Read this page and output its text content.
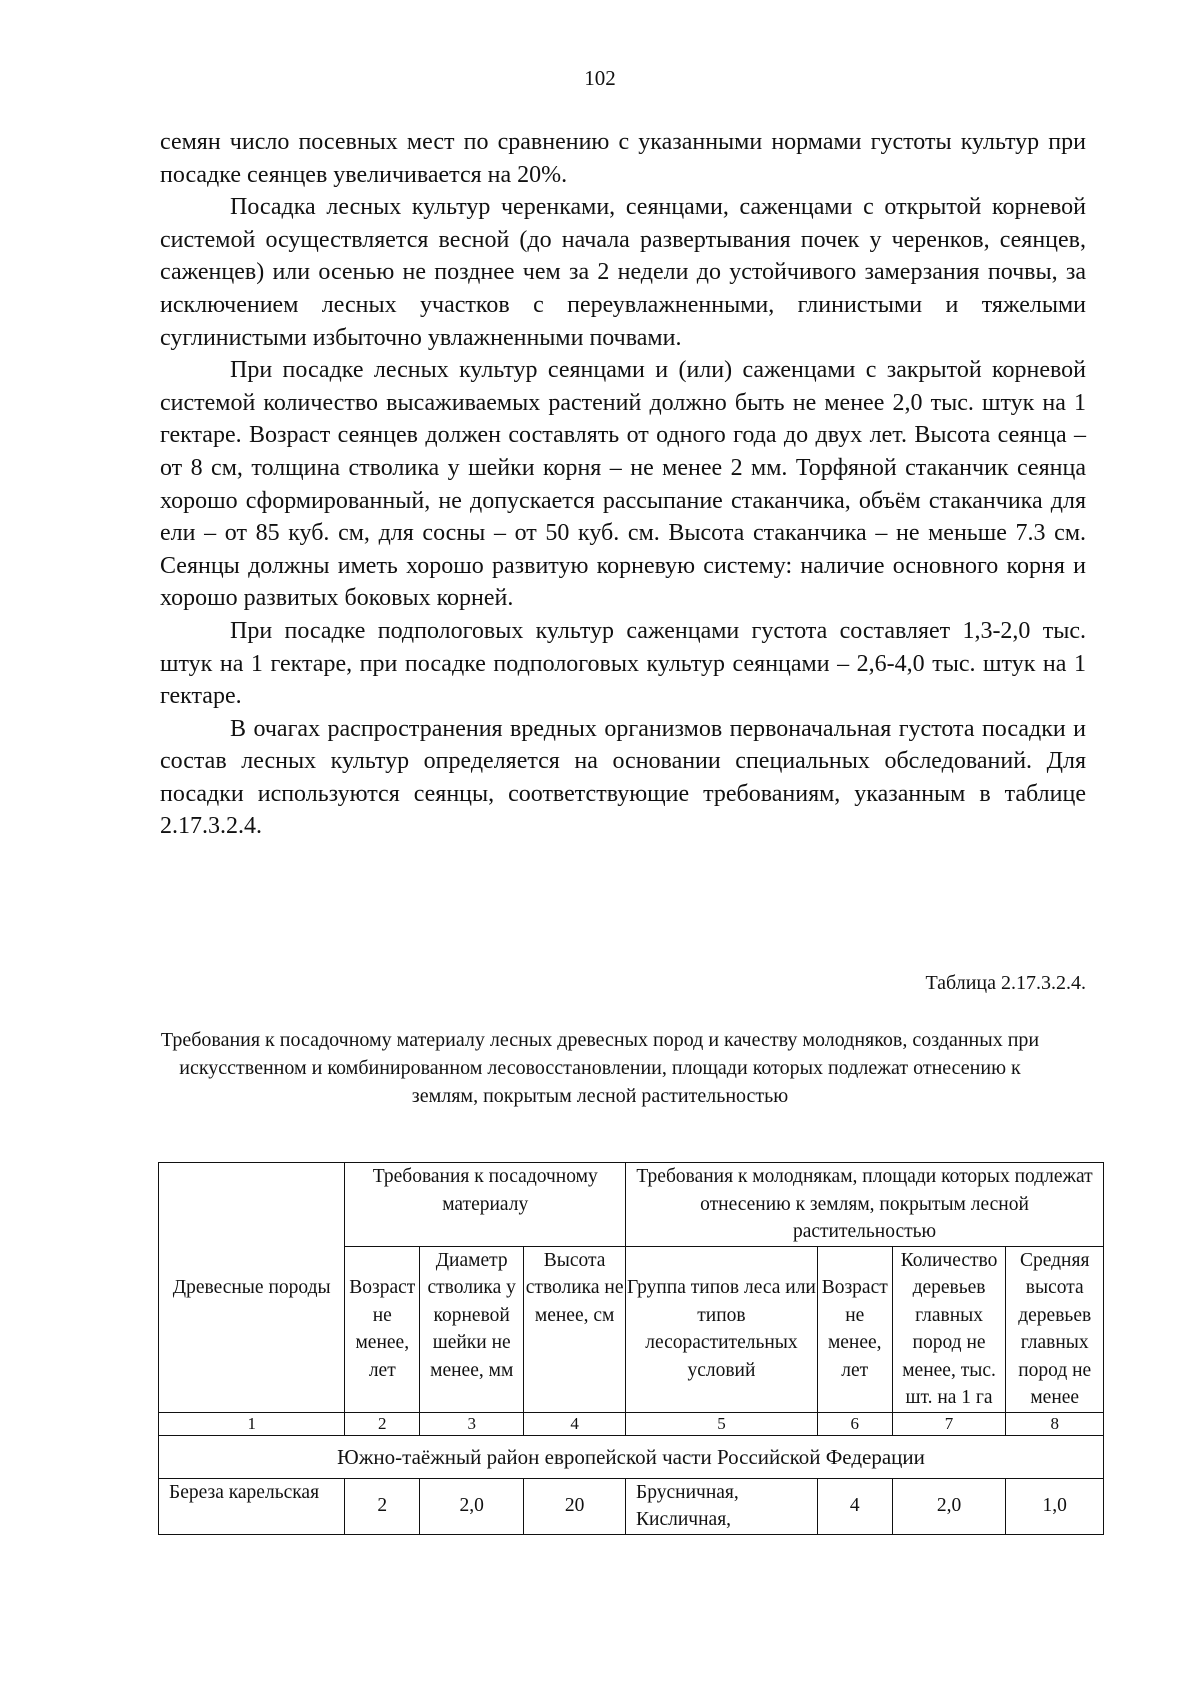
102

семян число посевных мест по сравнению с указанными нормами густоты культур при посадке сеянцев увеличивается на 20%.

Посадка лесных культур черенками, сеянцами, саженцами с открытой корневой системой осуществляется весной (до начала развертывания почек у черенков, сеянцев, саженцев) или осенью не позднее чем за 2 недели до устойчивого замерзания почвы, за исключением лесных участков с переувлажненными, глинистыми и тяжелыми суглинистыми избыточно увлажненными почвами.

При посадке лесных культур сеянцами и (или) саженцами с закрытой корневой системой количество высаживаемых растений должно быть не менее 2,0 тыс. штук на 1 гектаре. Возраст сеянцев должен составлять от одного года до двух лет. Высота сеянца – от 8 см, толщина стволика у шейки корня – не менее 2 мм. Торфяной стаканчик сеянца хорошо сформированный, не допускается рассыпание стаканчика, объём стаканчика для ели – от 85 куб. см, для сосны – от 50 куб. см. Высота стаканчика – не меньше 7.3 см. Сеянцы должны иметь хорошо развитую корневую систему: наличие основного корня и хорошо развитых боковых корней.

При посадке подпологовых культур саженцами густота составляет 1,3-2,0 тыс. штук на 1 гектаре, при посадке подпологовых культур сеянцами – 2,6-4,0 тыс. штук на 1 гектаре.

В очагах распространения вредных организмов первоначальная густота посадки и состав лесных культур определяется на основании специальных обследований. Для посадки используются сеянцы, соответствующие требованиям, указанным в таблице 2.17.3.2.4.

Таблица 2.17.3.2.4.
Требования к посадочному материалу лесных древесных пород и качеству молодняков, созданных при искусственном и комбинированном лесовосстановлении, площади которых подлежат отнесению к землям, покрытым лесной растительностью
Древесные породы	Требования к посадочному материалу			Требования к молоднякам, площади которых подлежат отнесению к землям, покрытым лесной растительностью			
	Возраст не менее, лет	Диаметр стволика у корневой шейки не менее, мм	Высота стволика не менее, см	Группа типов леса или типов лесорастительных условий	Возраст не менее, лет	Количество деревьев главных пород не менее, тыс. шт. на 1 га	Средняя высота деревьев главных пород не менее
1	2	3	4	5	6	7	8
Южно-таёжный район европейской части Российской Федерации							
Береза карельская	2	2,0	20	Брусничная, Кисличная,	4	2,0	1,0
